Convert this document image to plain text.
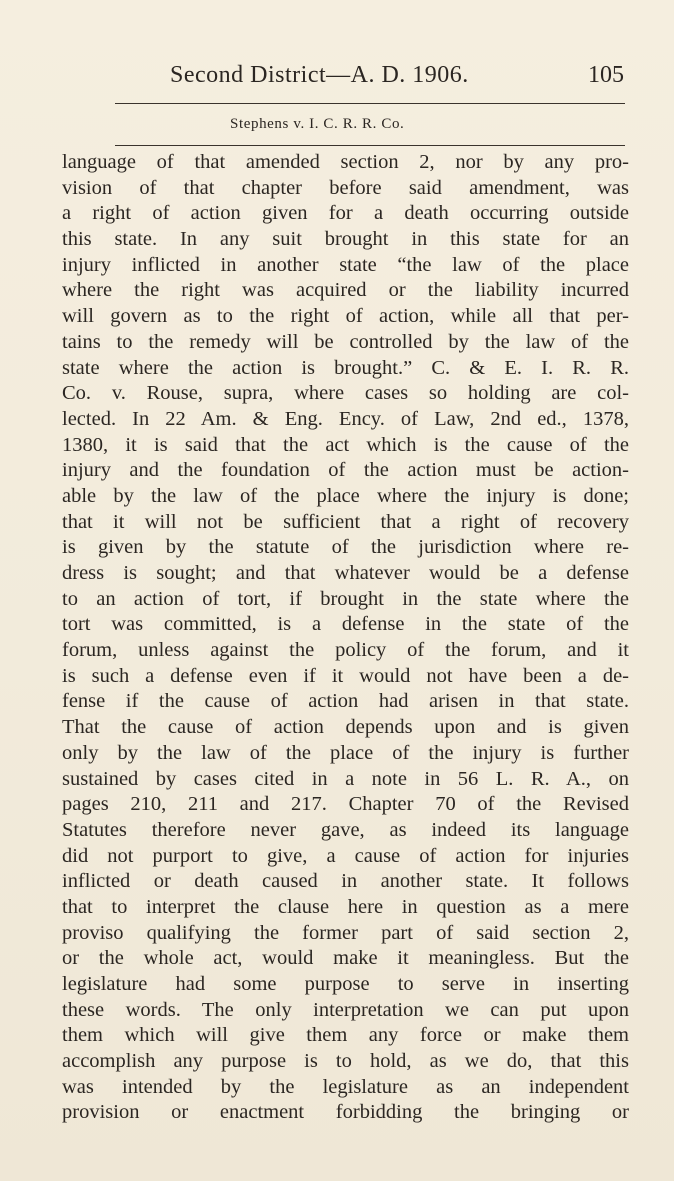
Second District—A. D. 1906.	105
Stephens v. I. C. R. R. Co.
language of that amended section 2, nor by any pro-
vision of that chapter before said amendment, was
a right of action given for a death occurring outside
this state. In any suit brought in this state for an
injury inflicted in another state “the law of the place
where the right was acquired or the liability incurred
will govern as to the right of action, while all that per-
tains to the remedy will be controlled by the law of the
state where the action is brought.” C. & E. I. R. R.
Co. v. Rouse, supra, where cases so holding are col-
lected. In 22 Am. & Eng. Ency. of Law, 2nd ed., 1378,
1380, it is said that the act which is the cause of the
injury and the foundation of the action must be action-
able by the law of the place where the injury is done;
that it will not be sufficient that a right of recovery
is given by the statute of the jurisdiction where re-
dress is sought; and that whatever would be a defense
to an action of tort, if brought in the state where the
tort was committed, is a defense in the state of the
forum, unless against the policy of the forum, and it
is such a defense even if it would not have been a de-
fense if the cause of action had arisen in that state.
That the cause of action depends upon and is given
only by the law of the place of the injury is further
sustained by cases cited in a note in 56 L. R. A., on
pages 210, 211 and 217. Chapter 70 of the Revised
Statutes therefore never gave, as indeed its language
did not purport to give, a cause of action for injuries
inflicted or death caused in another state. It follows
that to interpret the clause here in question as a mere
proviso qualifying the former part of said section 2,
or the whole act, would make it meaningless. But the
legislature had some purpose to serve in inserting
these words. The only interpretation we can put upon
them which will give them any force or make them
accomplish any purpose is to hold, as we do, that this
was intended by the legislature as an independent
provision or enactment forbidding the bringing or
